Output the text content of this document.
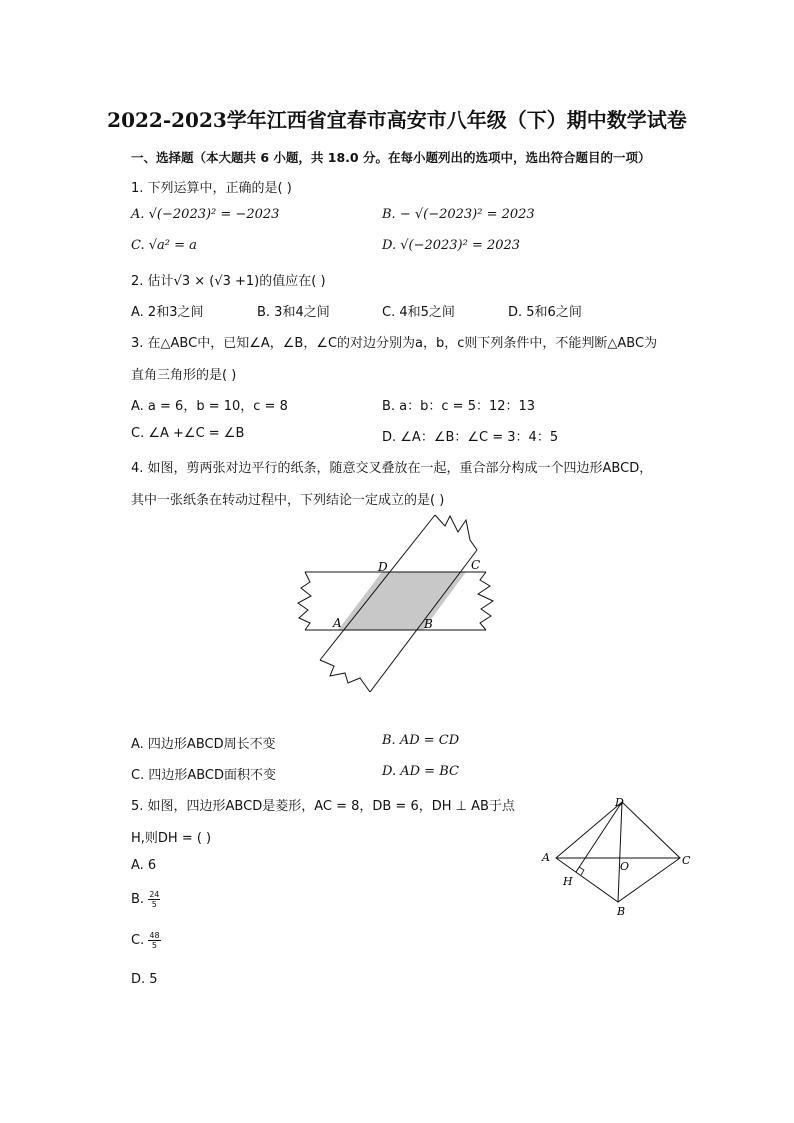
2022-2023学年江西省宜春市高安市八年级（下）期中数学试卷
一、选择题（本大题共 6 小题，共 18.0 分。在每小题列出的选项中，选出符合题目的一项）
1. 下列运算中，正确的是( )
A. √(−2023)² = −2023	B. − √(−2023)² = 2023
C. √a² = a	D. √(−2023)² = 2023
2. 估计√3 × (√3 +1)的值应在( )
A. 2和3之间	B. 3和4之间	C. 4和5之间	D. 5和6之间
3. 在△ABC中，已知∠A，∠B，∠C的对边分别为a，b，c则下列条件中，不能判断△ABC为
直角三角形的是( )
A. a = 6，b = 10，c = 8	B. a：b：c = 5：12：13
C. ∠A +∠C = ∠B	D. ∠A：∠B：∠C = 3：4：5
4. 如图，剪两张对边平行的纸条，随意交叉叠放在一起，重合部分构成一个四边形ABCD，
其中一张纸条在转动过程中，下列结论一定成立的是( )
D	C
A	B
A. 四边形ABCD周长不变	B. AD = CD
C. 四边形ABCD面积不变	D. AD = BC
5. 如图，四边形ABCD是菱形，AC = 8，DB = 6，DH ⊥ AB于点
H,则DH = ( )
A. 6
B. $\frac{24}{5}$
C. $\frac{48}{5}$
D. 5
D
A	C
O
H
B
